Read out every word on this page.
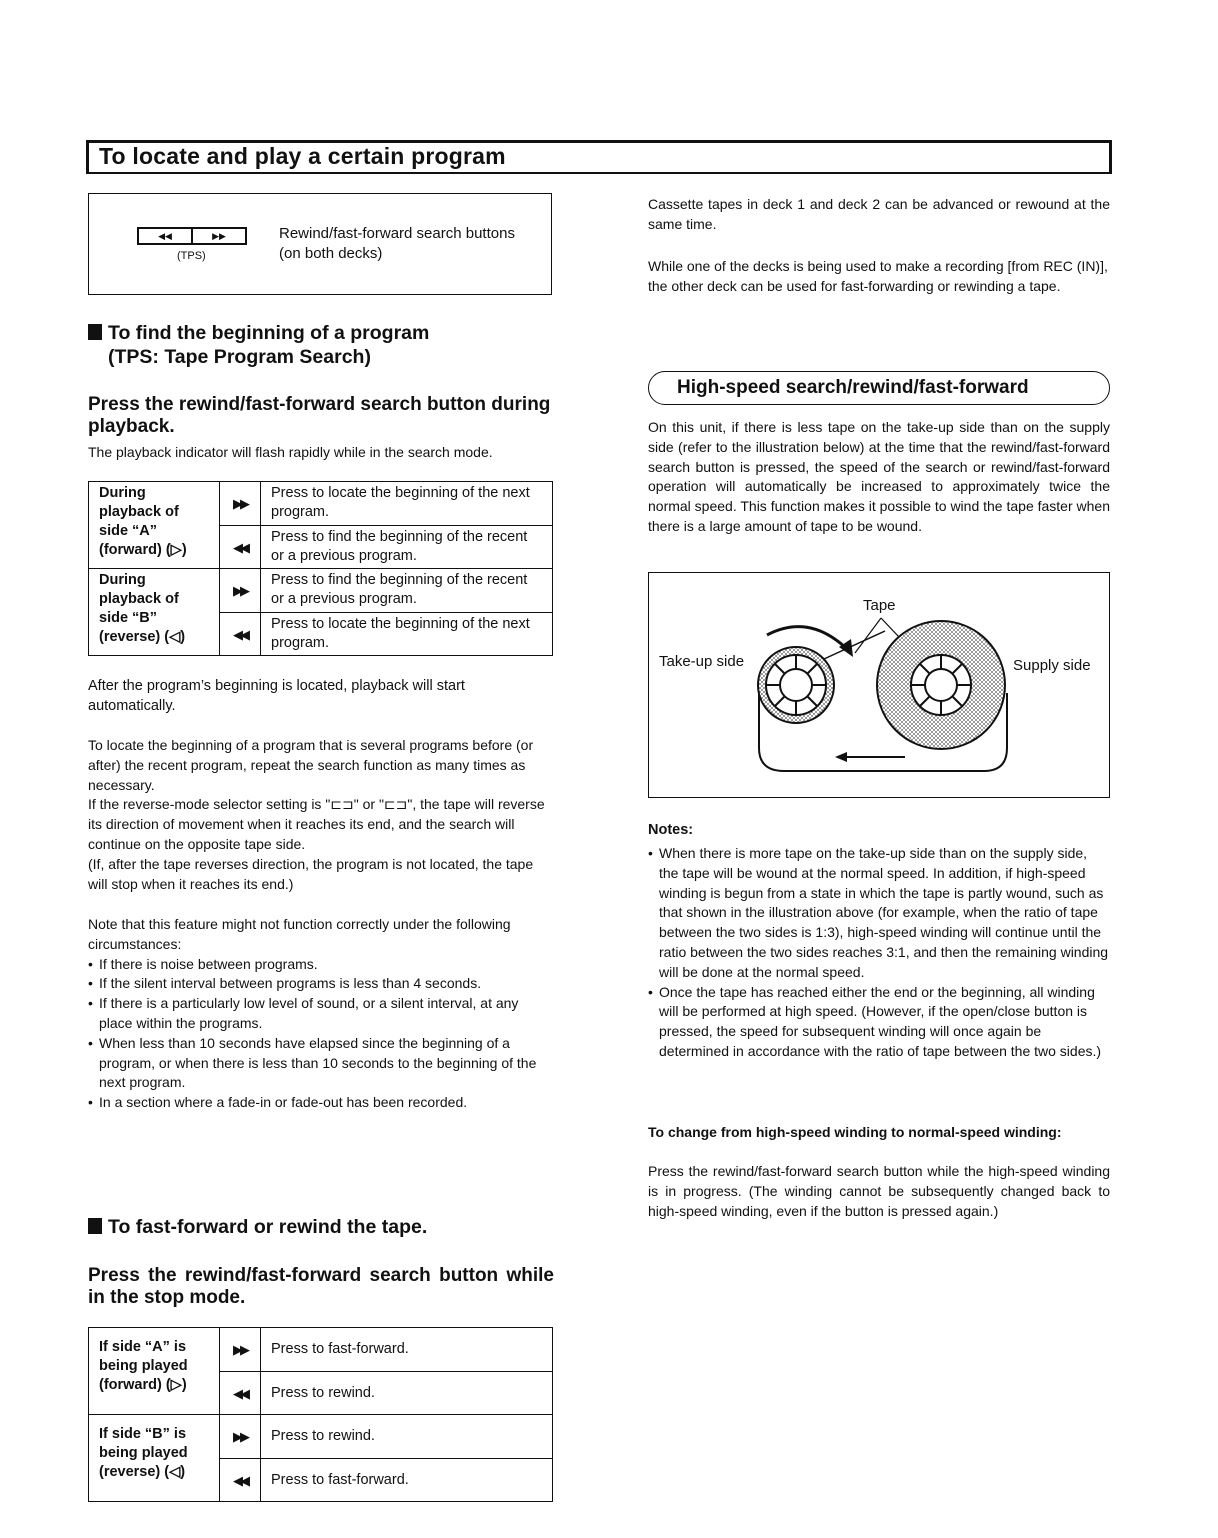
To locate and play a certain program
◀◀	▶▶
(TPS)
Rewind/fast-forward search buttons
(on both decks)
To find the beginning of a program
(TPS: Tape Program Search)
Press the rewind/fast-forward search button during playback.
The playback indicator will flash rapidly while in the search mode.
During playback of side “A” (forward) (▷)	▶▶	Press to locate the beginning of the next program.
	◀◀	Press to find the beginning of the recent or a previous program.
During playback of side “B” (reverse) (◁)	▶▶	Press to find the beginning of the recent or a previous program.
	◀◀	Press to locate the beginning of the next program.
After the program’s beginning is located, playback will start automatically.
To locate the beginning of a program that is several programs before (or after) the recent program, repeat the search function as many times as necessary.
If the reverse-mode selector setting is "⊏⊐" or "⊏⊐", the tape will reverse its direction of movement when it reaches its end, and the search will continue on the opposite tape side.
(If, after the tape reverses direction, the program is not located, the tape will stop when it reaches its end.)
Note that this feature might not function correctly under the following circumstances:
• If there is noise between programs.
• If the silent interval between programs is less than 4 seconds.
• If there is a particularly low level of sound, or a silent interval, at any place within the programs.
• When less than 10 seconds have elapsed since the beginning of a program, or when there is less than 10 seconds to the beginning of the next program.
• In a section where a fade-in or fade-out has been recorded.
To fast-forward or rewind the tape.
Press the rewind/fast-forward search button while in the stop mode.
If side “A” is being played (forward) (▷)	▶▶	Press to fast-forward.
	◀◀	Press to rewind.
If side “B” is being played (reverse) (◁)	▶▶	Press to rewind.
	◀◀	Press to fast-forward.
Cassette tapes in deck 1 and deck 2 can be advanced or rewound at the same time.
While one of the decks is being used to make a recording [from REC (IN)], the other deck can be used for fast-forwarding or rewinding a tape.
High-speed search/rewind/fast-forward
On this unit, if there is less tape on the take-up side than on the supply side (refer to the illustration below) at the time that the rewind/fast-forward search button is pressed, the speed of the search or rewind/fast-forward operation will automatically be increased to approximately twice the normal speed. This function makes it possible to wind the tape faster when there is a large amount of tape to be wound.
Tape
Take-up side	Supply side
Notes:
• When there is more tape on the take-up side than on the supply side, the tape will be wound at the normal speed. In addition, if high-speed winding is begun from a state in which the tape is partly wound, such as that shown in the illustration above (for example, when the ratio of tape between the two sides is 1:3), high-speed winding will continue until the ratio between the two sides reaches 3:1, and then the remaining winding will be done at the normal speed.
• Once the tape has reached either the end or the beginning, all winding will be performed at high speed. (However, if the open/close button is pressed, the speed for subsequent winding will once again be determined in accordance with the ratio of tape between the two sides.)
To change from high-speed winding to normal-speed winding:
Press the rewind/fast-forward search button while the high-speed winding is in progress. (The winding cannot be subsequently changed back to high-speed winding, even if the button is pressed again.)
